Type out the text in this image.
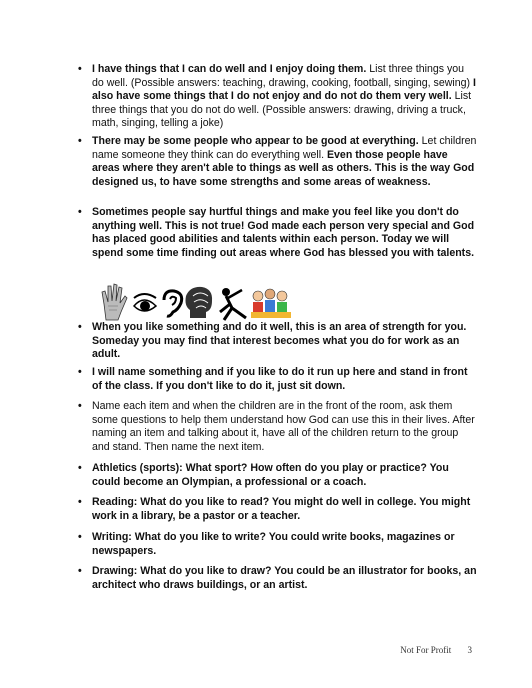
• I have things that I can do well and I enjoy doing them. List three things you do well. (Possible answers: teaching, drawing, cooking, football, singing, sewing) I also have some things that I do not enjoy and do not do them very well. List three things that you do not do well. (Possible answers: drawing, driving a truck, math, singing, telling a joke)
• There may be some people who appear to be good at everything. Let children name someone they think can do everything well. Even those people have areas where they aren't able to things as well as others. This is the way God designed us, to have some strengths and some areas of weakness.
• Sometimes people say hurtful things and make you feel like you don't do anything well. This is not true! God made each person very special and God has placed good abilities and talents within each person. Today we will spend some time finding out areas where God has blessed you with talents.
• When you like something and do it well, this is an area of strength for you. Someday you may find that interest becomes what you do for work as an adult.
• I will name something and if you like to do it run up here and stand in front of the class. If you don't like to do it, just sit down.
• Name each item and when the children are in the front of the room, ask them some questions to help them understand how God can use this in their lives. After naming an item and talking about it, have all of the children return to the group and stand. Then name the next item.
• Athletics (sports): What sport? How often do you play or practice? You could become an Olympian, a professional or a coach.
• Reading: What do you like to read? You might do well in college. You might work in a library, be a pastor or a teacher.
• Writing: What do you like to write? You could write books, magazines or newspapers.
• Drawing: What do you like to draw? You could be an illustrator for books, an architect who draws buildings, or an artist.
Not For Profit 3
